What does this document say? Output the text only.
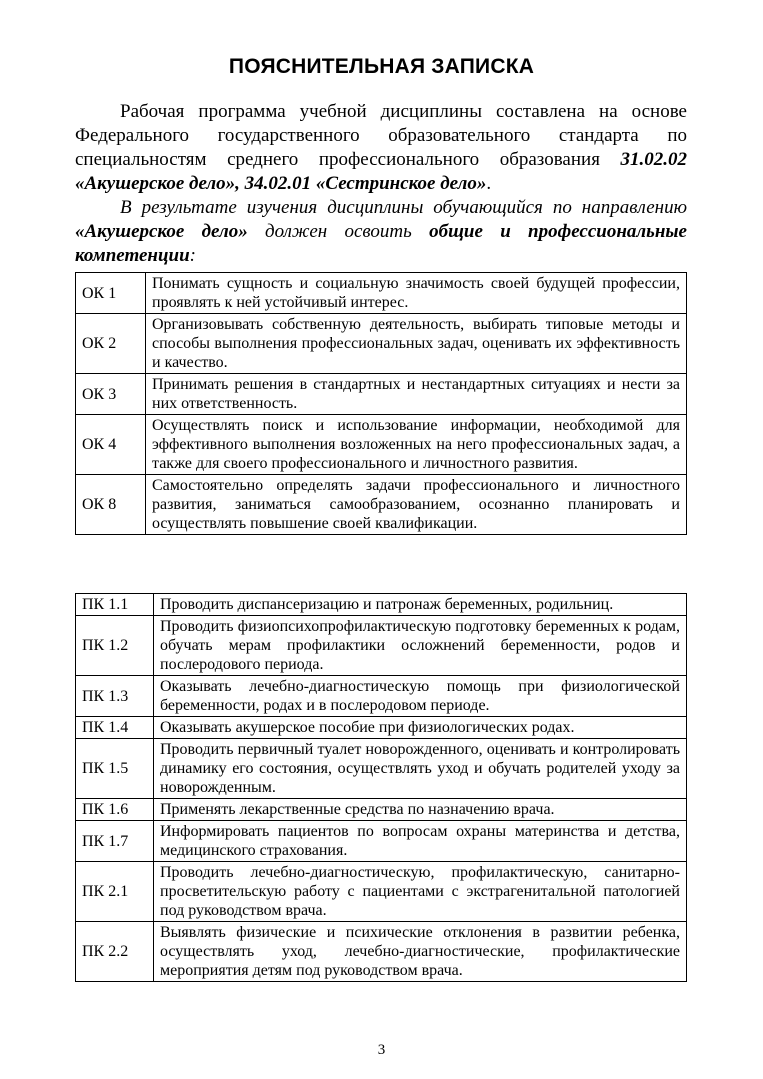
ПОЯСНИТЕЛЬНАЯ ЗАПИСКА

Рабочая программа учебной дисциплины составлена на основе Федерального государственного образовательного стандарта по специальностям среднего профессионального образования 31.02.02 «Акушерское дело», 34.02.01 «Сестринское дело».

В результате изучения дисциплины обучающийся по направлению «Акушерское дело» должен освоить общие и профессиональные компетенции:

ОК 1	Понимать сущность и социальную значимость своей будущей профессии, проявлять к ней устойчивый интерес.
ОК 2	Организовывать собственную деятельность, выбирать типовые методы и способы выполнения профессиональных задач, оценивать их эффективность и качество.
ОК 3	Принимать решения в стандартных и нестандартных ситуациях и нести за них ответственность.
ОК 4	Осуществлять поиск и использование информации, необходимой для эффективного выполнения возложенных на него профессиональных задач, а также для своего профессионального и личностного развития.
ОК 8	Самостоятельно определять задачи профессионального и личностного развития, заниматься самообразованием, осознанно планировать и осуществлять повышение своей квалификации.
ПК 1.1	Проводить диспансеризацию и патронаж беременных, родильниц.
ПК 1.2	Проводить физиопсихопрофилактическую подготовку беременных к родам, обучать мерам профилактики осложнений беременности, родов и послеродового периода.
ПК 1.3	Оказывать лечебно-диагностическую помощь при физиологической беременности, родах и в послеродовом периоде.
ПК 1.4	Оказывать акушерское пособие при физиологических родах.
ПК 1.5	Проводить первичный туалет новорожденного, оценивать и контролировать динамику его состояния, осуществлять уход и обучать родителей уходу за новорожденным.
ПК 1.6	Применять лекарственные средства по назначению врача.
ПК 1.7	Информировать пациентов по вопросам охраны материнства и детства, медицинского страхования.
ПК 2.1	Проводить лечебно-диагностическую, профилактическую, санитарно-просветительскую работу с пациентами с экстрагенитальной патологией под руководством врача.
ПК 2.2	Выявлять физические и психические отклонения в развитии ребенка, осуществлять уход, лечебно-диагностические, профилактические мероприятия детям под руководством врача.
3
